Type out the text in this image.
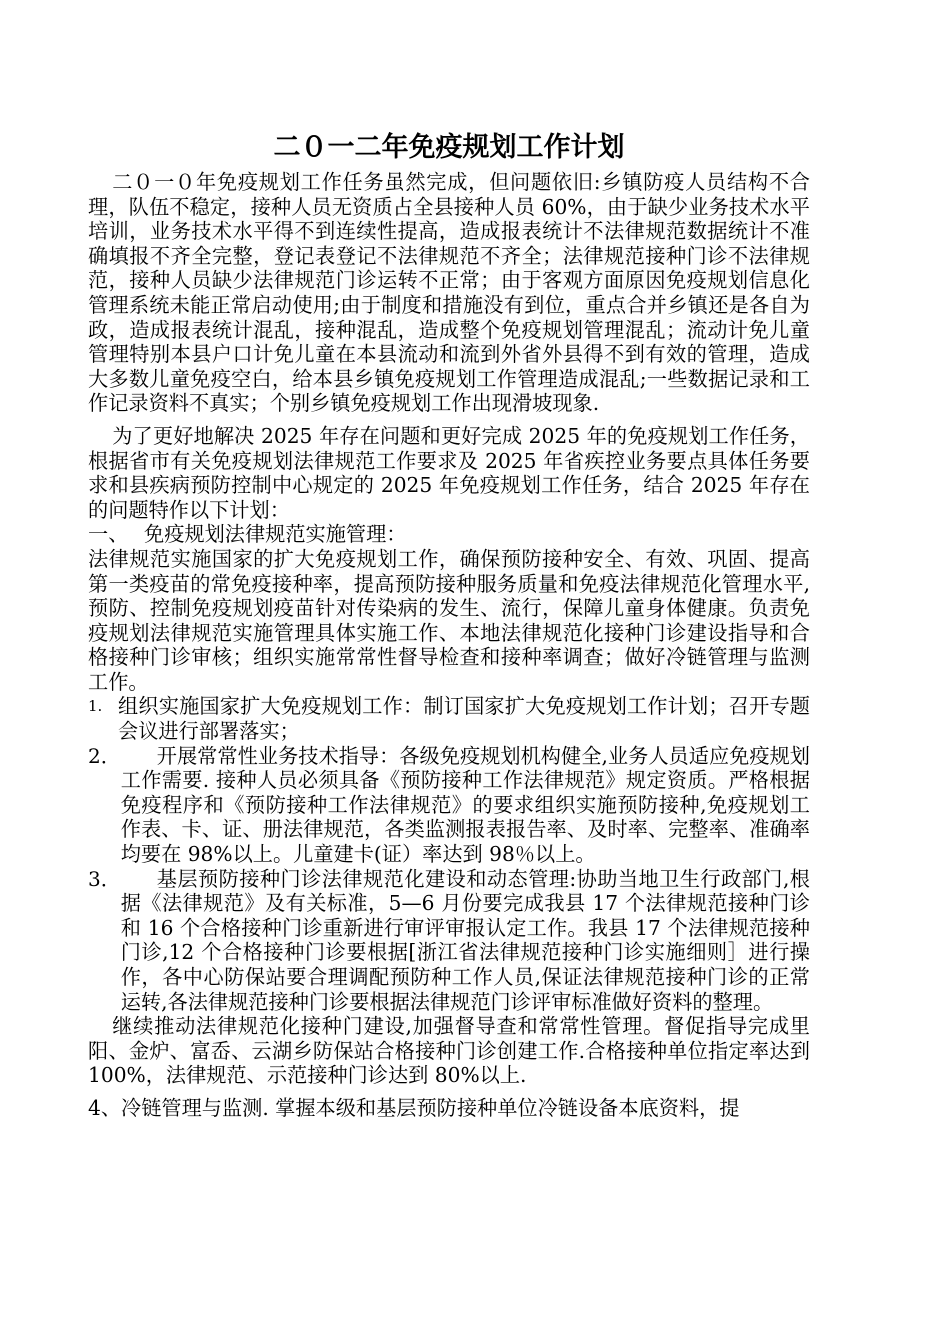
二０一二年免疫规划工作计划

二０一０年免疫规划工作任务虽然完成，但问题依旧:乡镇防疫人员结构不合理，队伍不稳定，接种人员无资质占全县接种人员 60%，由于缺少业务技术水平培训，业务技术水平得不到连续性提高，造成报表统计不法律规范数据统计不准确填报不齐全完整，登记表登记不法律规范不齐全；法律规范接种门诊不法律规范，接种人员缺少法律规范门诊运转不正常；由于客观方面原因免疫规划信息化管理系统未能正常启动使用;由于制度和措施没有到位，重点合并乡镇还是各自为政，造成报表统计混乱，接种混乱，造成整个免疫规划管理混乱；流动计免儿童管理特别本县户口计免儿童在本县流动和流到外省外县得不到有效的管理，造成大多数儿童免疫空白，给本县乡镇免疫规划工作管理造成混乱;一些数据记录和工作记录资料不真实；个别乡镇免疫规划工作出现滑坡现象.

为了更好地解决 2025 年存在问题和更好完成 2025 年的免疫规划工作任务，根据省市有关免疫规划法律规范工作要求及 2025 年省疾控业务要点具体任务要求和县疾病预防控制中心规定的 2025 年免疫规划工作任务，结合 2025 年存在的问题特作以下计划：

一、 免疫规划法律规范实施管理：

法律规范实施国家的扩大免疫规划工作，确保预防接种安全、有效、巩固、提高第一类疫苗的常免疫接种率，提高预防接种服务质量和免疫法律规范化管理水平,预防、控制免疫规划疫苗针对传染病的发生、流行，保障儿童身体健康。负责免疫规划法律规范实施管理具体实施工作、本地法律规范化接种门诊建设指导和合格接种门诊审核；组织实施常常性督导检查和接种率调查；做好冷链管理与监测工作。

1. 组织实施国家扩大免疫规划工作：制订国家扩大免疫规划工作计划；召开专题会议进行部署落实；
2．	开展常常性业务技术指导：各级免疫规划机构健全,业务人员适应免疫规划工作需要. 接种人员必须具备《预防接种工作法律规范》规定资质。严格根据免疫程序和《预防接种工作法律规范》的要求组织实施预防接种,免疫规划工作表、卡、证、册法律规范，各类监测报表报告率、及时率、完整率、准确率均要在 98%以上。儿童建卡(证）率达到 98％以上。
3．	基层预防接种门诊法律规范化建设和动态管理:协助当地卫生行政部门,根据《法律规范》及有关标准，5—6 月份要完成我县 17 个法律规范接种门诊和 16 个合格接种门诊重新进行审评审报认定工作。我县 17 个法律规范接种门诊,12 个合格接种门诊要根据[浙江省法律规范接种门诊实施细则］进行操作，各中心防保站要合理调配预防种工作人员,保证法律规范接种门诊的正常运转,各法律规范接种门诊要根据法律规范门诊评审标准做好资料的整理。

继续推动法律规范化接种门建设,加强督导查和常常性管理。督促指导完成里阳、金炉、富岙、云湖乡防保站合格接种门诊创建工作.合格接种单位指定率达到 100%，法律规范、示范接种门诊达到 80%以上.

4、冷链管理与监测. 掌握本级和基层预防接种单位冷链设备本底资料，提
